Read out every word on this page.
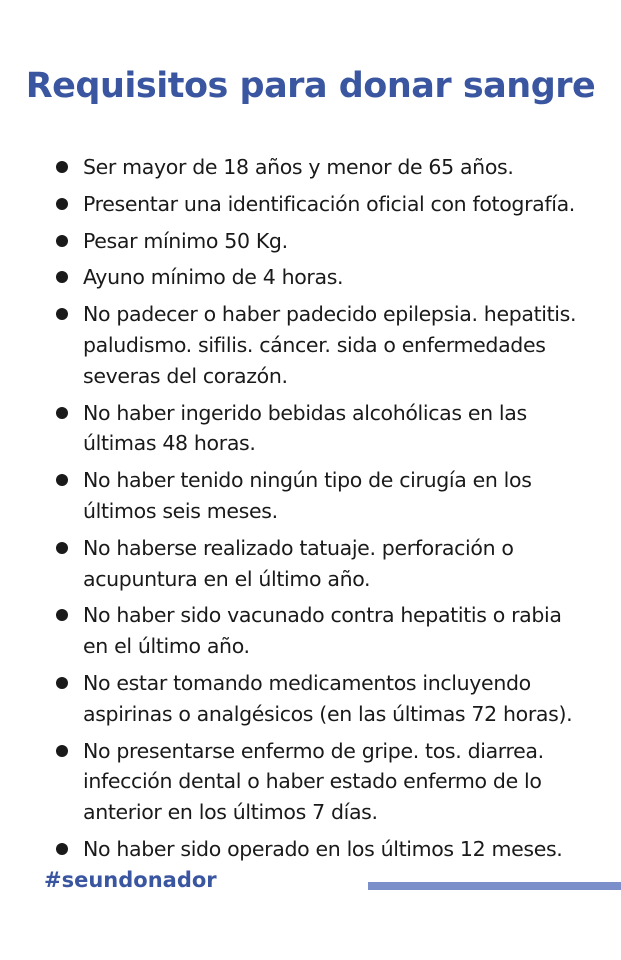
Requisitos para donar sangre
Ser mayor de 18 años y menor de 65 años.
Presentar una identificación oficial con fotografía.
Pesar mínimo 50 Kg.
Ayuno mínimo de 4 horas.
No padecer o haber padecido epilepsia. hepatitis. paludismo. sifilis. cáncer. sida o enfermedades severas del corazón.
No haber ingerido bebidas alcohólicas en las últimas 48 horas.
No haber tenido ningún tipo de cirugía en los últimos seis meses.
No haberse realizado tatuaje. perforación o acupuntura en el último año.
No haber sido vacunado contra hepatitis o rabia en el último año.
No estar tomando medicamentos incluyendo aspirinas o analgésicos (en las últimas 72 horas).
No presentarse enfermo de gripe. tos. diarrea. infección dental o haber estado enfermo de lo anterior en los últimos 7 días.
No haber sido operado en los últimos 12 meses.

#seundonador
